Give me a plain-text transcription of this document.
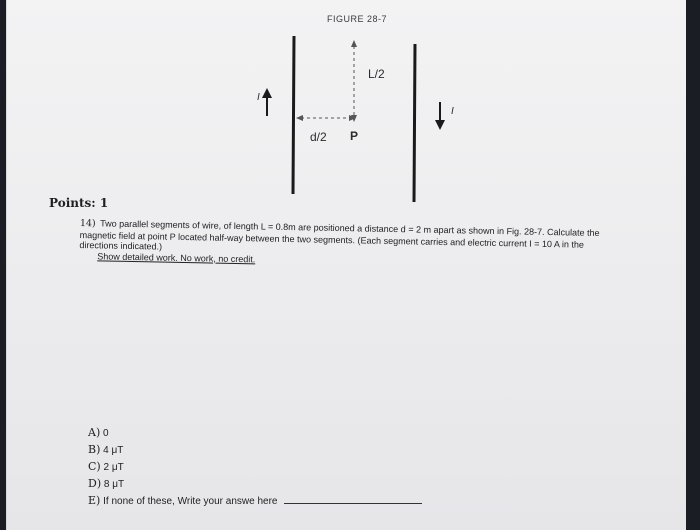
FIGURE 28-7
L/2
d/2 P
I
I
Points: 1
14) Two parallel segments of wire, of length L = 0.8m are positioned a distance d = 2 m apart as shown in Fig. 28-7. Calculate the magnetic field at point P located half-way between the two segments. (Each segment carries and electric current I = 10 A in the directions indicated.)
Show detailed work. No work, no credit.
A) 0
B) 4 μT
C) 2 μT
D) 8 μT
E) If none of these, Write your answe here
